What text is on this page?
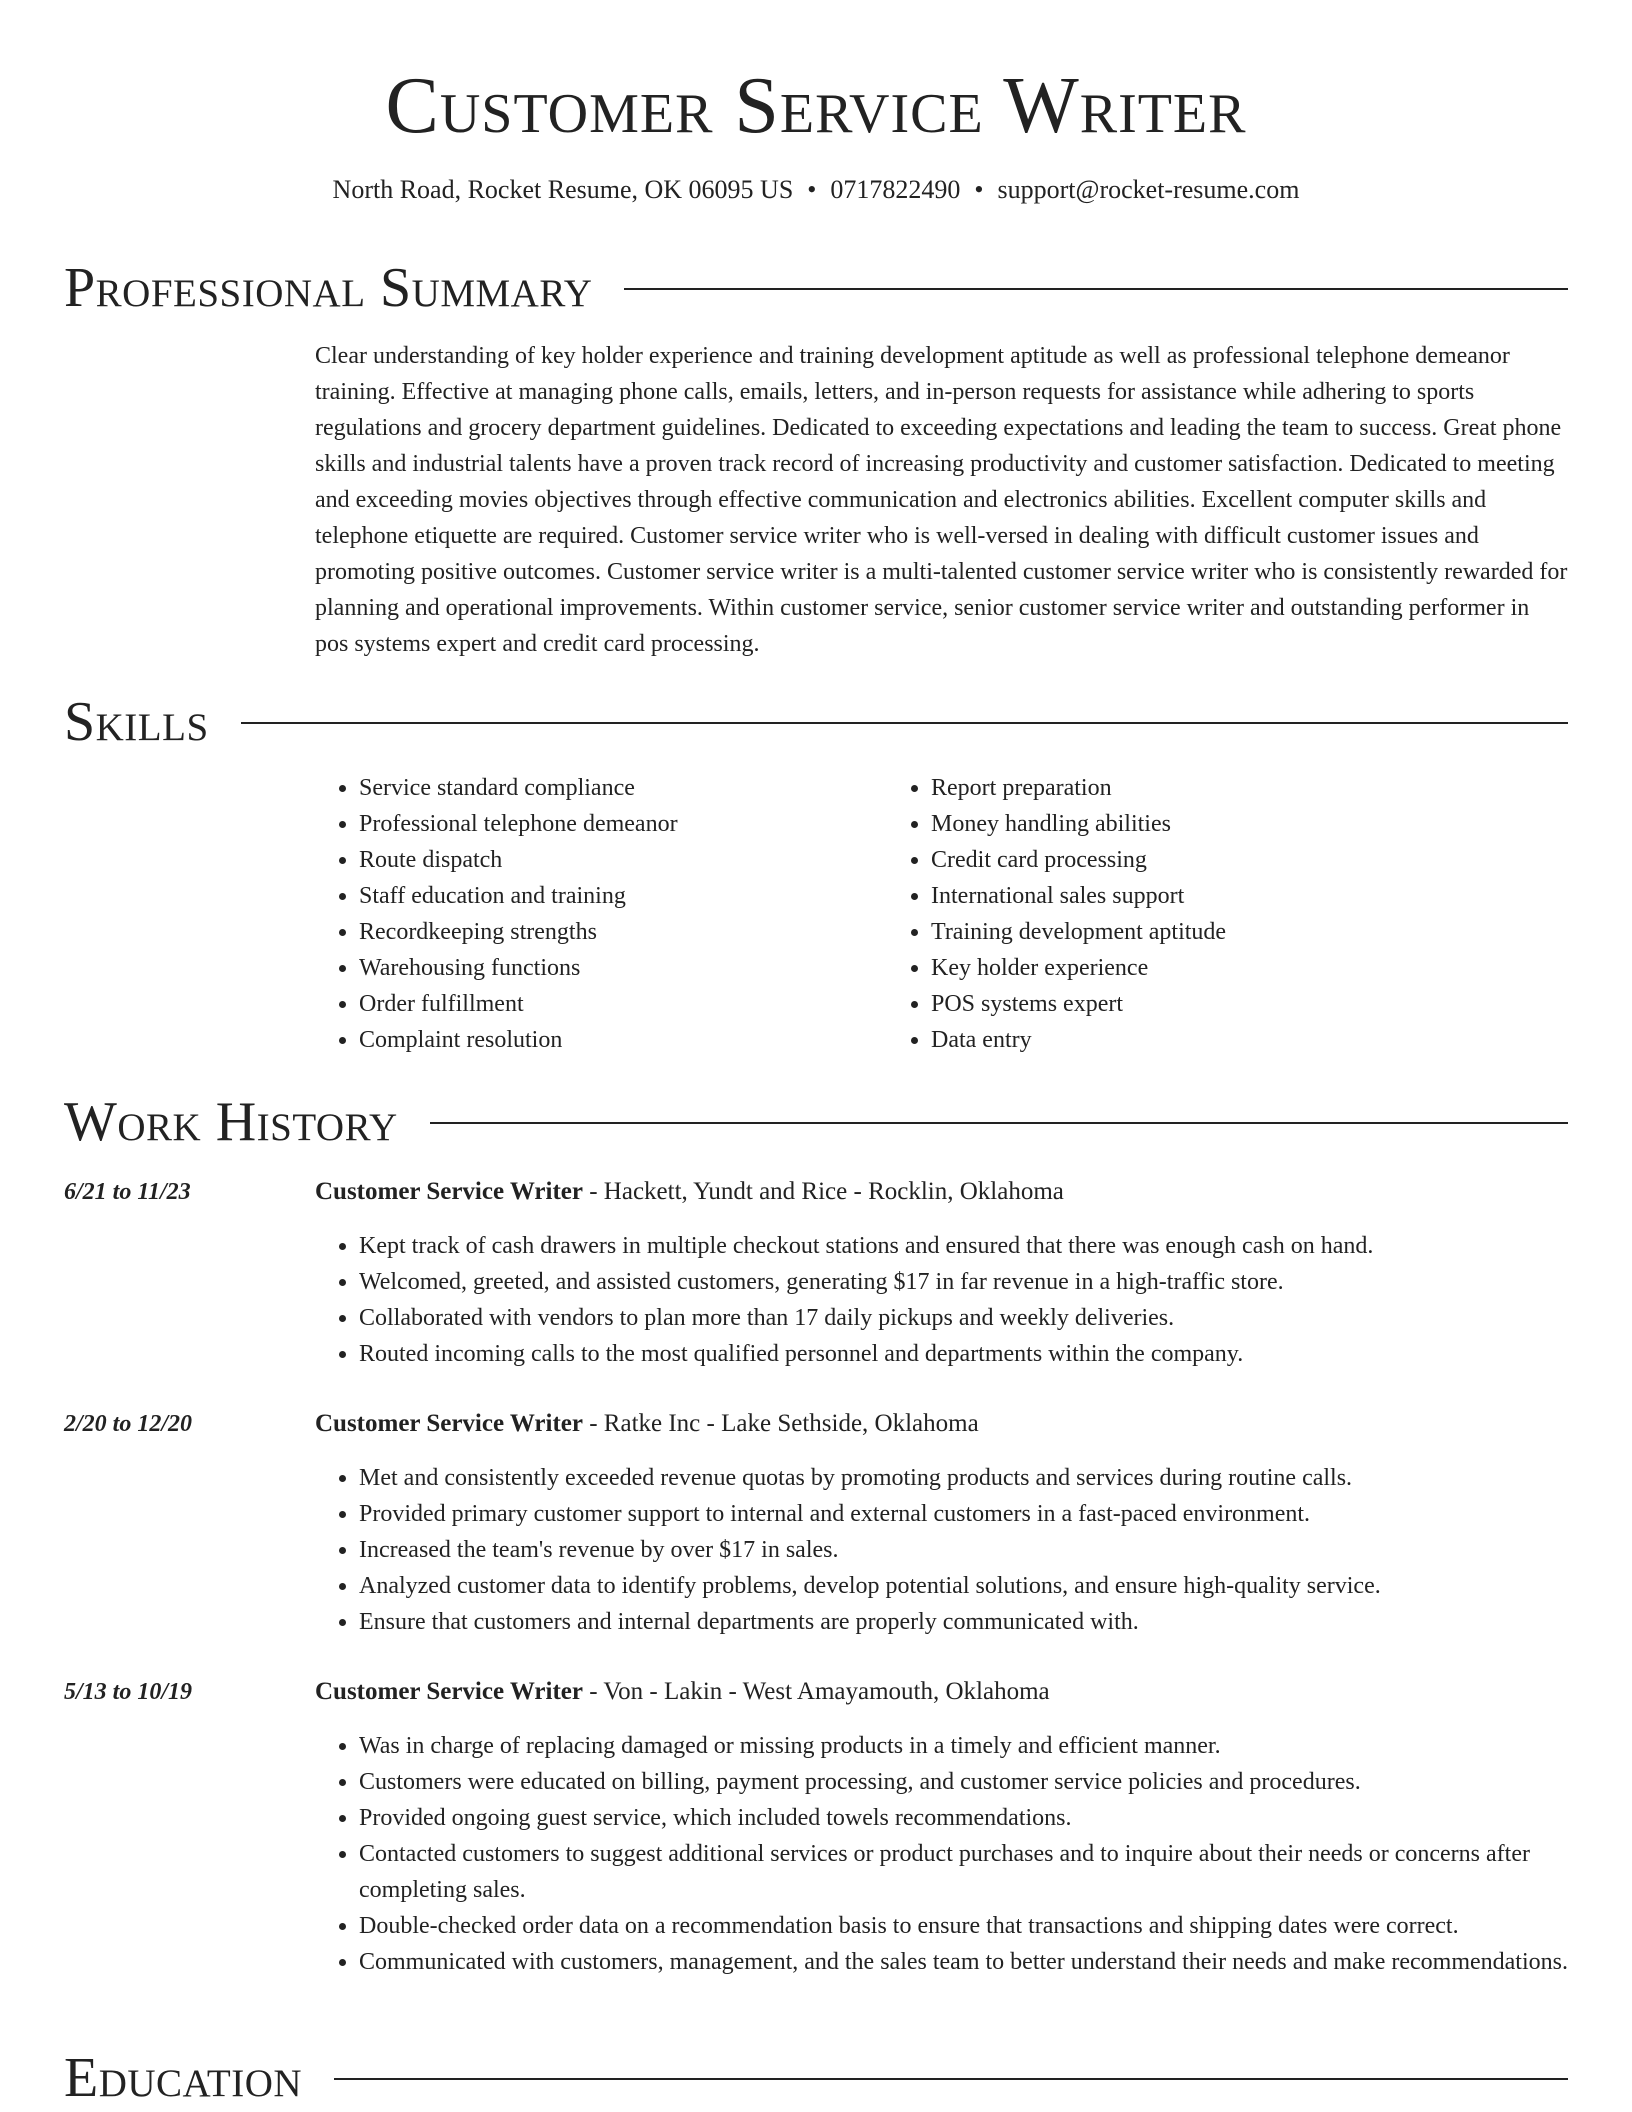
Customer Service Writer
North Road, Rocket Resume, OK 06095 US • 0717822490 • support@rocket-resume.com
Professional Summary

Clear understanding of key holder experience and training development aptitude as well as professional telephone demeanor training. Effective at managing phone calls, emails, letters, and in-person requests for assistance while adhering to sports regulations and grocery department guidelines. Dedicated to exceeding expectations and leading the team to success. Great phone skills and industrial talents have a proven track record of increasing productivity and customer satisfaction. Dedicated to meeting and exceeding movies objectives through effective communication and electronics abilities. Excellent computer skills and telephone etiquette are required. Customer service writer who is well-versed in dealing with difficult customer issues and promoting positive outcomes. Customer service writer is a multi-talented customer service writer who is consistently rewarded for planning and operational improvements. Within customer service, senior customer service writer and outstanding performer in pos systems expert and credit card processing.

Skills
• Service standard compliance
• Professional telephone demeanor
• Route dispatch
• Staff education and training
• Recordkeeping strengths
• Warehousing functions
• Order fulfillment
• Complaint resolution
• Report preparation
• Money handling abilities
• Credit card processing
• International sales support
• Training development aptitude
• Key holder experience
• POS systems expert
• Data entry
Work History
6/21 to 11/23	Customer Service Writer - Hackett, Yundt and Rice - Rocklin, Oklahoma
• Kept track of cash drawers in multiple checkout stations and ensured that there was enough cash on hand.
• Welcomed, greeted, and assisted customers, generating $17 in far revenue in a high-traffic store.
• Collaborated with vendors to plan more than 17 daily pickups and weekly deliveries.
• Routed incoming calls to the most qualified personnel and departments within the company.
2/20 to 12/20	Customer Service Writer - Ratke Inc - Lake Sethside, Oklahoma
• Met and consistently exceeded revenue quotas by promoting products and services during routine calls.
• Provided primary customer support to internal and external customers in a fast-paced environment.
• Increased the team's revenue by over $17 in sales.
• Analyzed customer data to identify problems, develop potential solutions, and ensure high-quality service.
• Ensure that customers and internal departments are properly communicated with.
5/13 to 10/19	Customer Service Writer - Von - Lakin - West Amayamouth, Oklahoma
• Was in charge of replacing damaged or missing products in a timely and efficient manner.
• Customers were educated on billing, payment processing, and customer service policies and procedures.
• Provided ongoing guest service, which included towels recommendations.
• Contacted customers to suggest additional services or product purchases and to inquire about their needs or concerns after completing sales.
• Double-checked order data on a recommendation basis to ensure that transactions and shipping dates were correct.
• Communicated with customers, management, and the sales team to better understand their needs and make recommendations.
Education
